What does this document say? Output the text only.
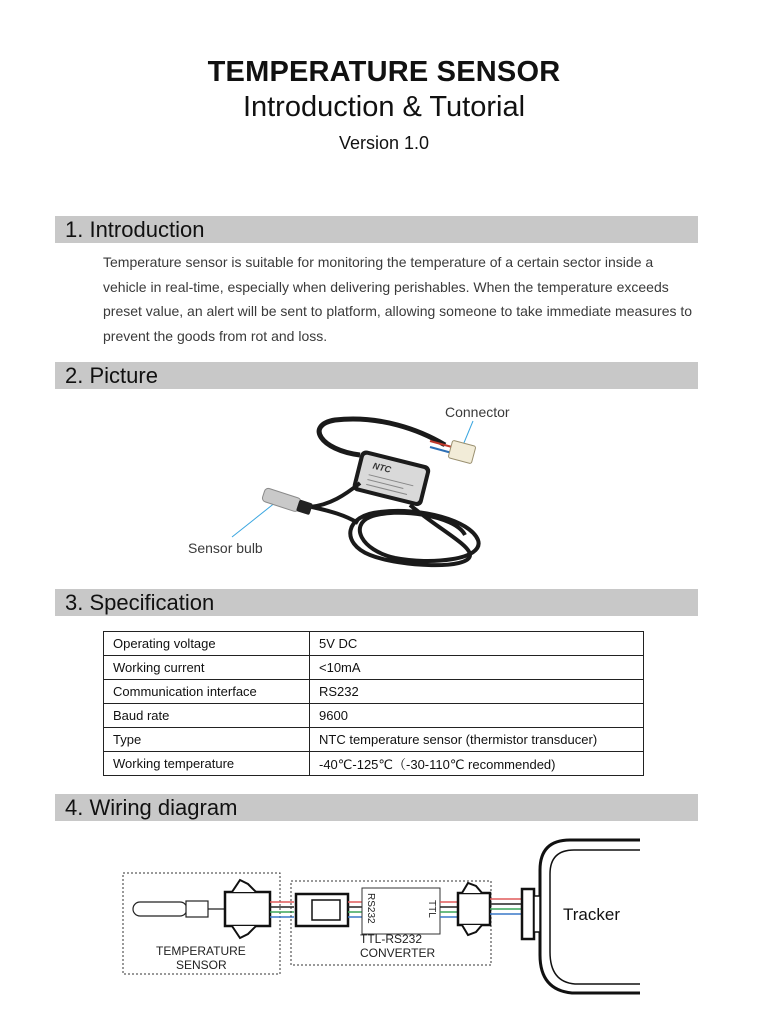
TEMPERATURE SENSOR
Introduction & Tutorial
Version 1.0
1. Introduction
Temperature sensor is suitable for monitoring the temperature of a certain sector inside a vehicle in real-time, especially when delivering perishables. When the temperature exceeds preset value, an alert will be sent to platform, allowing someone to take immediate measures to prevent the goods from rot and loss.
2. Picture
Connector
Sensor bulb
NTC
3. Specification
Operating voltage	5V DC
Working current	<10mA
Communication interface	RS232
Baud rate	9600
Type	NTC temperature sensor (thermistor transducer)
Working temperature	-40℃-125℃（-30-110℃ recommended)
4. Wiring diagram
TEMPERATURE
SENSOR
RS232	TTL
TTL-RS232
CONVERTER
Tracker
